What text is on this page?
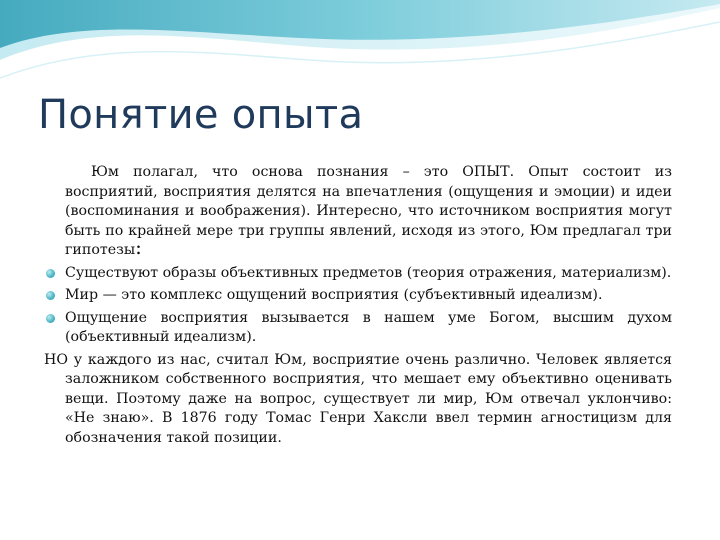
Понятие опыта

Юм полагал, что основа познания – это ОПЫТ. Опыт состоит из восприятий, восприятия делятся на впечатления (ощущения и эмоции) и идеи (воспоминания и воображения). Интересно, что источником восприятия могут быть по крайней мере три группы явлений, исходя из этого, Юм предлагал три гипотезы:

Существуют образы объективных предметов (теория отражения, материализм).

Мир — это комплекс ощущений восприятия (субъективный идеализм).

Ощущение восприятия вызывается в нашем уме Богом, высшим духом (объективный идеализм).

НО у каждого из нас, считал Юм, восприятие очень различно. Человек является заложником собственного восприятия, что мешает ему объективно оценивать вещи. Поэтому даже на вопрос, существует ли мир, Юм отвечал уклончиво: «Не знаю». В 1876 году Томас Генри Хаксли ввел термин агностицизм для обозначения такой позиции.
